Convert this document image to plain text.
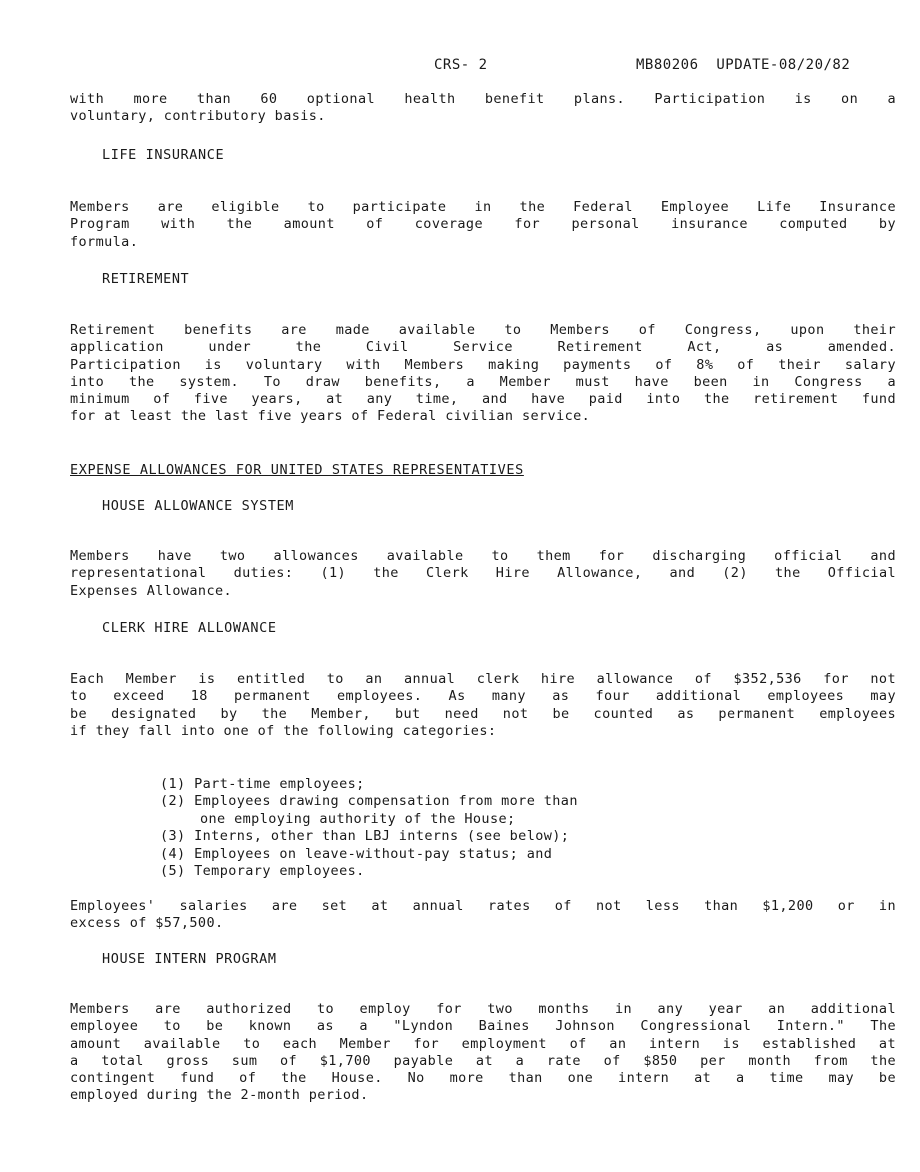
CRS- 2	MB80206  UPDATE-08/20/82
with more than 60 optional health benefit plans. Participation is on a
voluntary, contributory basis.
LIFE INSURANCE
Members are eligible to participate in the Federal Employee Life Insurance
Program with the amount of coverage for personal insurance computed by
formula.
RETIREMENT
Retirement benefits are made available to Members of Congress, upon their
application under the Civil Service Retirement Act, as amended.
Participation is voluntary with Members making payments of 8% of their salary
into the system. To draw benefits, a Member must have been in Congress a
minimum of five years, at any time, and have paid into the retirement fund
for at least the last five years of Federal civilian service.
EXPENSE ALLOWANCES FOR UNITED STATES REPRESENTATIVES
HOUSE ALLOWANCE SYSTEM
Members have two allowances available to them for discharging official and
representational duties: (1) the Clerk Hire Allowance, and (2) the Official
Expenses Allowance.
CLERK HIRE ALLOWANCE
Each Member is entitled to an annual clerk hire allowance of $352,536 for not
to exceed 18 permanent employees. As many as four additional employees may
be designated by the Member, but need not be counted as permanent employees
if they fall into one of the following categories:
(1) Part-time employees;
(2) Employees drawing compensation from more than
one employing authority of the House;
(3) Interns, other than LBJ interns (see below);
(4) Employees on leave-without-pay status; and
(5) Temporary employees.
Employees' salaries are set at annual rates of not less than $1,200 or in
excess of $57,500.
HOUSE INTERN PROGRAM
Members are authorized to employ for two months in any year an additional
employee to be known as a "Lyndon Baines Johnson Congressional Intern." The
amount available to each Member for employment of an intern is established at
a total gross sum of $1,700 payable at a rate of $850 per month from the
contingent fund of the House. No more than one intern at a time may be
employed during the 2-month period.
